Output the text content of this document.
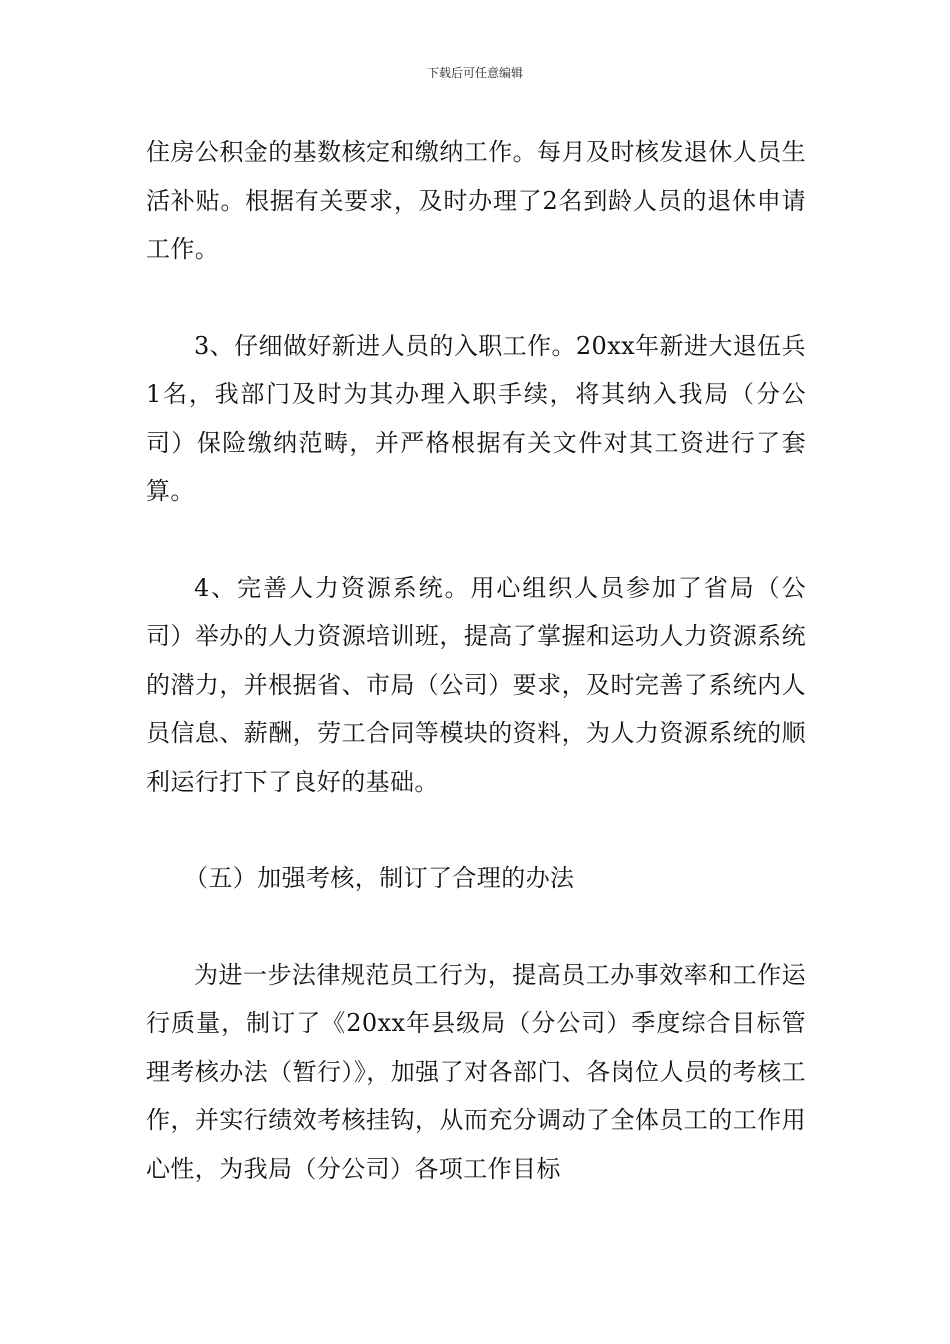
下载后可任意编辑

住房公积金的基数核定和缴纳工作。每月及时核发退休人员生活补贴。根据有关要求，及时办理了2名到龄人员的退休申请工作。

3、仔细做好新进人员的入职工作。20xx年新进大退伍兵1名，我部门及时为其办理入职手续，将其纳入我局（分公司）保险缴纳范畴，并严格根据有关文件对其工资进行了套算。

4、完善人力资源系统。用心组织人员参加了省局（公司）举办的人力资源培训班，提高了掌握和运功人力资源系统的潜力，并根据省、市局（公司）要求，及时完善了系统内人员信息、薪酬，劳工合同等模块的资料，为人力资源系统的顺利运行打下了良好的基础。

（五）加强考核，制订了合理的办法

为进一步法律规范员工行为，提高员工办事效率和工作运行质量，制订了《20xx年县级局（分公司）季度综合目标管理考核办法（暂行）》，加强了对各部门、各岗位人员的考核工作，并实行绩效考核挂钩，从而充分调动了全体员工的工作用心性，为我局（分公司）各项工作目标
